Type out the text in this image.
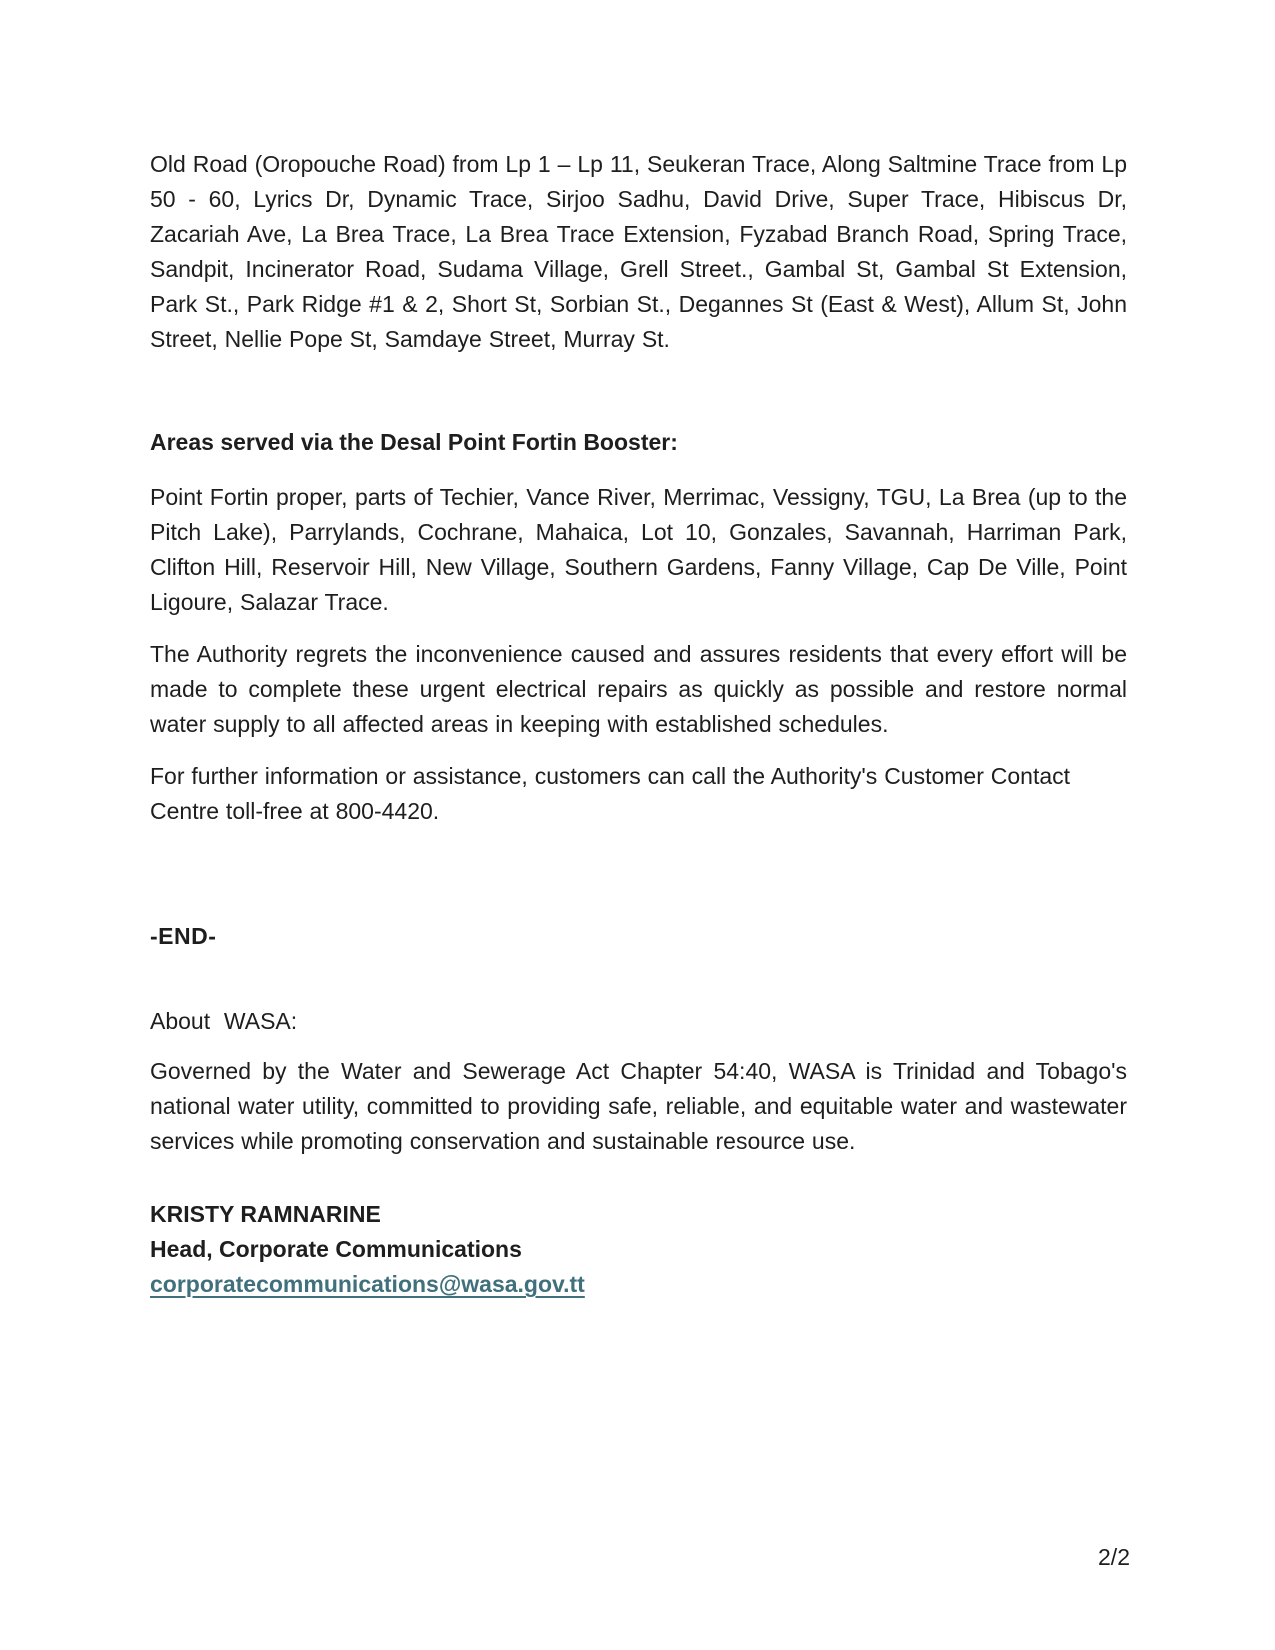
Old Road (Oropouche Road) from Lp 1 – Lp 11, Seukeran Trace, Along Saltmine Trace from Lp 50 - 60, Lyrics Dr, Dynamic Trace, Sirjoo Sadhu, David Drive, Super Trace, Hibiscus Dr, Zacariah Ave, La Brea Trace, La Brea Trace Extension, Fyzabad Branch Road, Spring Trace, Sandpit, Incinerator Road, Sudama Village, Grell Street., Gambal St, Gambal St Extension, Park St., Park Ridge #1 & 2, Short St, Sorbian St., Degannes St (East & West), Allum St, John Street, Nellie Pope St, Samdaye Street, Murray St.

Areas served via the Desal Point Fortin Booster:

Point Fortin proper, parts of Techier, Vance River, Merrimac, Vessigny, TGU, La Brea (up to the Pitch Lake), Parrylands, Cochrane, Mahaica, Lot 10, Gonzales, Savannah, Harriman Park, Clifton Hill, Reservoir Hill, New Village, Southern Gardens, Fanny Village, Cap De Ville, Point Ligoure, Salazar Trace.

The Authority regrets the inconvenience caused and assures residents that every effort will be made to complete these urgent electrical repairs as quickly as possible and restore normal water supply to all affected areas in keeping with established schedules.

For further information or assistance, customers can call the Authority's Customer Contact Centre toll-free at 800-4420.

-END-

About  WASA:

Governed by the Water and Sewerage Act Chapter 54:40, WASA is Trinidad and Tobago's national water utility, committed to providing safe, reliable, and equitable water and wastewater services while promoting conservation and sustainable resource use.

KRISTY RAMNARINE

Head, Corporate Communications

corporatecommunications@wasa.gov.tt

2/2
